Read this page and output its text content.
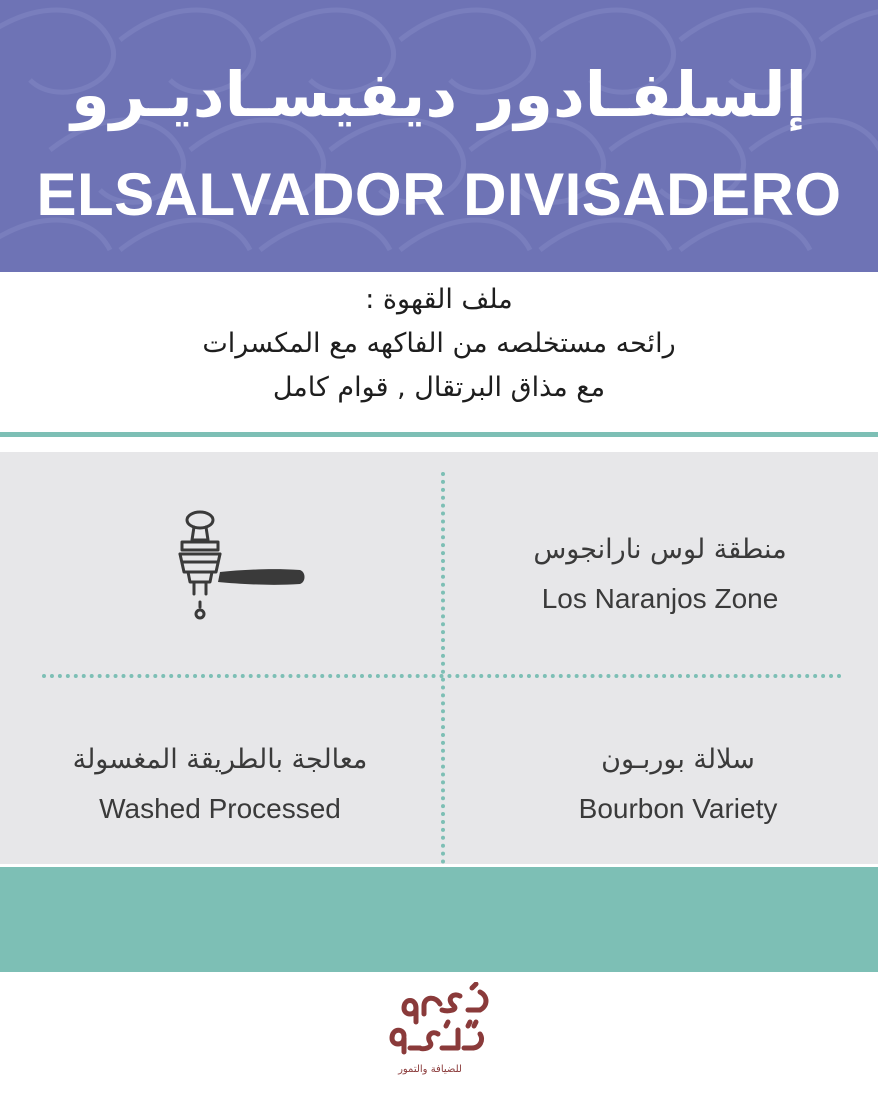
إلسلفـادور ديفيسـاديـرو
ELSALVADOR DIVISADERO
ملف القهوة :
رائحه مستخلصه من الفاكهه مع المكسرات
مع مذاق البرتقال , قوام كامل
منطقة لوس نارانجوس
Los Naranjos Zone
معالجة بالطريقة المغسولة
Washed Processed
سلالة بوربـون
Bourbon Variety
للضيافة والتمور
